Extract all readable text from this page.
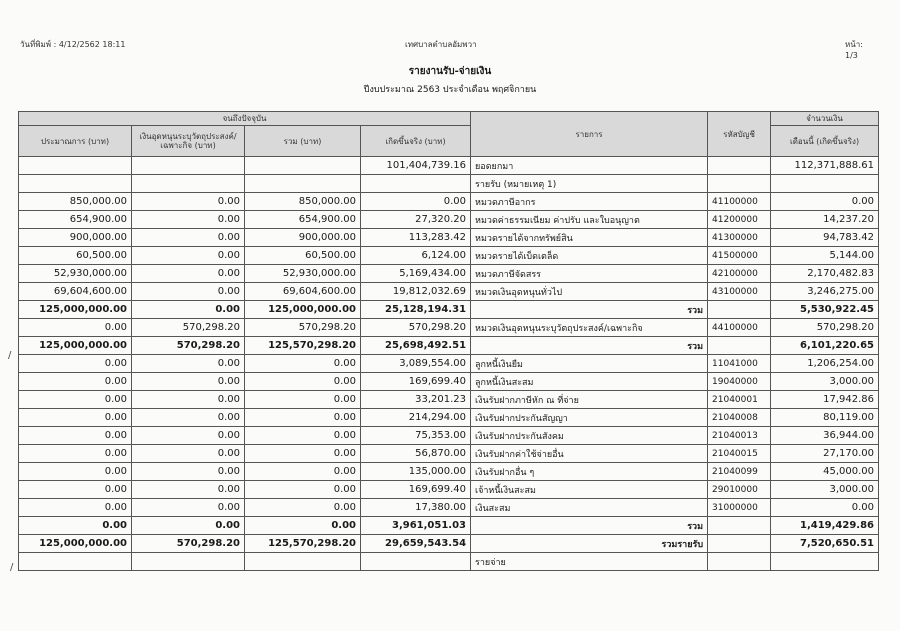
วันที่พิมพ์ : 4/12/2562 18:11	เทศบาลตำบลอัมพวา	หน้า: 1/3
รายงานรับ-จ่ายเงิน
ปีงบประมาณ 2563 ประจำเดือน พฤศจิกายน
จนถึงปัจจุบัน				รายการ	รหัสบัญชี	จำนวนเงิน
ประมาณการ (บาท)	เงินอุดหนุนระบุวัตถุประสงค์/เฉพาะกิจ (บาท)	รวม (บาท)	เกิดขึ้นจริง (บาท)			เดือนนี้ (เกิดขึ้นจริง)
			101,404,739.16	ยอดยกมา		112,371,888.61
				รายรับ (หมายเหตุ 1)		
850,000.00	0.00	850,000.00	0.00	หมวดภาษีอากร	41100000	0.00
654,900.00	0.00	654,900.00	27,320.20	หมวดค่าธรรมเนียม ค่าปรับ และใบอนุญาต	41200000	14,237.20
900,000.00	0.00	900,000.00	113,283.42	หมวดรายได้จากทรัพย์สิน	41300000	94,783.42
60,500.00	0.00	60,500.00	6,124.00	หมวดรายได้เบ็ดเตล็ด	41500000	5,144.00
52,930,000.00	0.00	52,930,000.00	5,169,434.00	หมวดภาษีจัดสรร	42100000	2,170,482.83
69,604,600.00	0.00	69,604,600.00	19,812,032.69	หมวดเงินอุดหนุนทั่วไป	43100000	3,246,275.00
125,000,000.00	0.00	125,000,000.00	25,128,194.31	รวม		5,530,922.45
0.00	570,298.20	570,298.20	570,298.20	หมวดเงินอุดหนุนระบุวัตถุประสงค์/เฉพาะกิจ	44100000	570,298.20
125,000,000.00	570,298.20	125,570,298.20	25,698,492.51	รวม		6,101,220.65
0.00	0.00	0.00	3,089,554.00	ลูกหนี้เงินยืม	11041000	1,206,254.00
0.00	0.00	0.00	169,699.40	ลูกหนี้เงินสะสม	19040000	3,000.00
0.00	0.00	0.00	33,201.23	เงินรับฝากภาษีหัก ณ ที่จ่าย	21040001	17,942.86
0.00	0.00	0.00	214,294.00	เงินรับฝากประกันสัญญา	21040008	80,119.00
0.00	0.00	0.00	75,353.00	เงินรับฝากประกันสังคม	21040013	36,944.00
0.00	0.00	0.00	56,870.00	เงินรับฝากค่าใช้จ่ายอื่น	21040015	27,170.00
0.00	0.00	0.00	135,000.00	เงินรับฝากอื่น ๆ	21040099	45,000.00
0.00	0.00	0.00	169,699.40	เจ้าหนี้เงินสะสม	29010000	3,000.00
0.00	0.00	0.00	17,380.00	เงินสะสม	31000000	0.00
0.00	0.00	0.00	3,961,051.03	รวม		1,419,429.86
125,000,000.00	570,298.20	125,570,298.20	29,659,543.54	รวมรายรับ		7,520,650.51
				รายจ่าย		
/
/
